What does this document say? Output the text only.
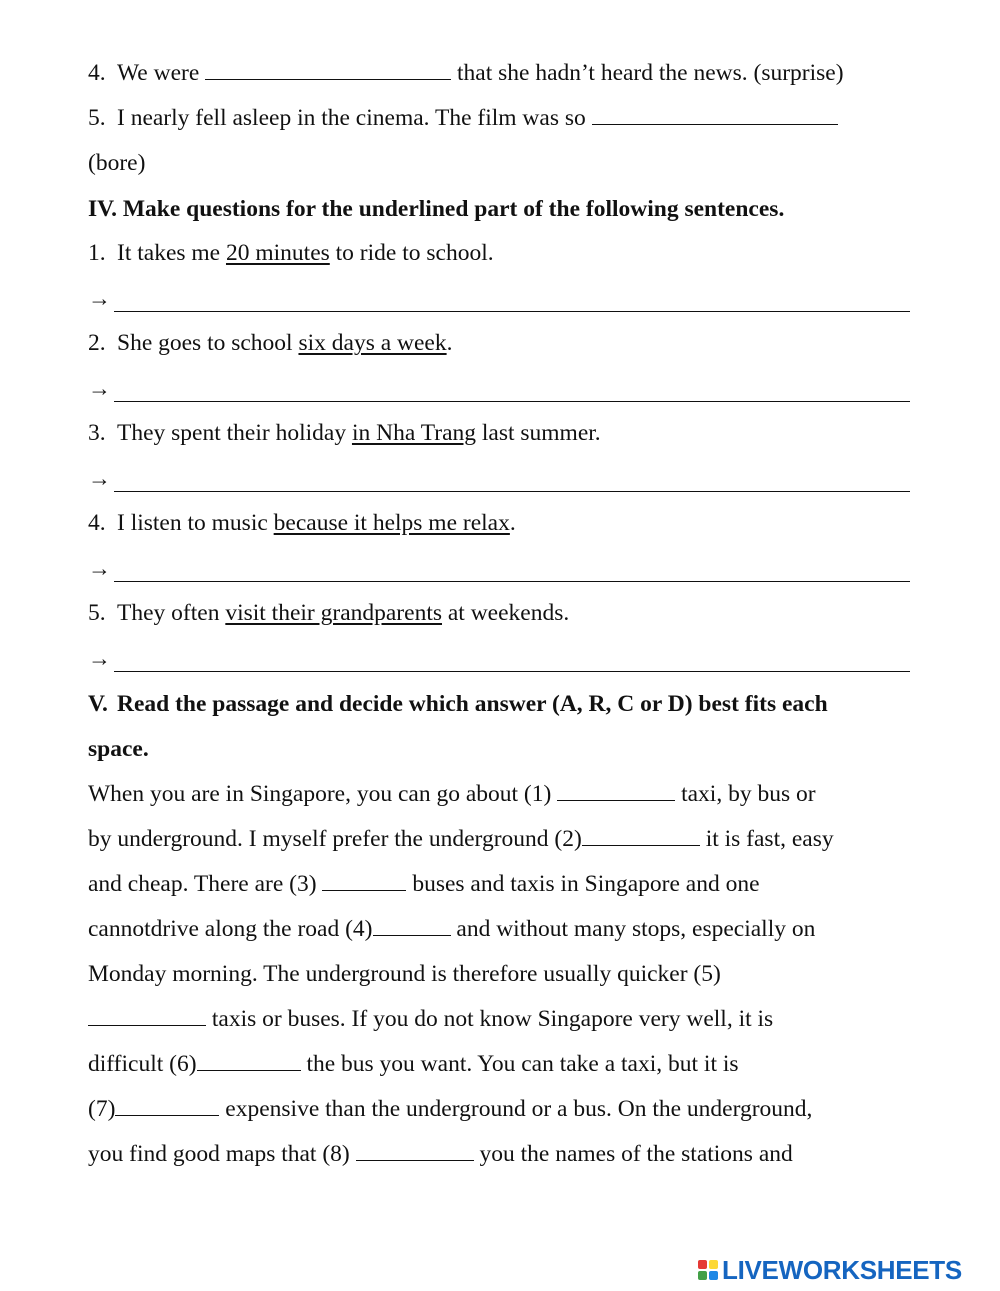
4. We were	that she hadn’t heard the news. (surprise)
5. I nearly fell asleep in the cinema. The film was so
(bore)
IV. Make questions for the underlined part of the following sentences.
1. It takes me 20 minutes to ride to school.
→
2. She goes to school six days a week.
→
3. They spent their holiday in Nha Trang last summer.
→
4. I listen to music because it helps me relax.
→
5. They often visit their grandparents at weekends.
→
V. Read the passage and decide which answer (A, R, C or D) best fits each
space.
When you are in Singapore, you can go about (1)	taxi, by bus or
by underground. I myself prefer the underground (2)	it is fast, easy
and cheap. There are (3)	buses and taxis in Singapore and one
cannotdrive along the road (4)	and without many stops, especially on
Monday morning. The underground is therefore usually quicker (5)
taxis or buses. If you do not know Singapore very well, it is
difficult (6)	the bus you want. You can take a taxi, but it is
(7)	expensive than the underground or a bus. On the underground,
you find good maps that (8)	you the names of the stations and
LIVEWORKSHEETS
